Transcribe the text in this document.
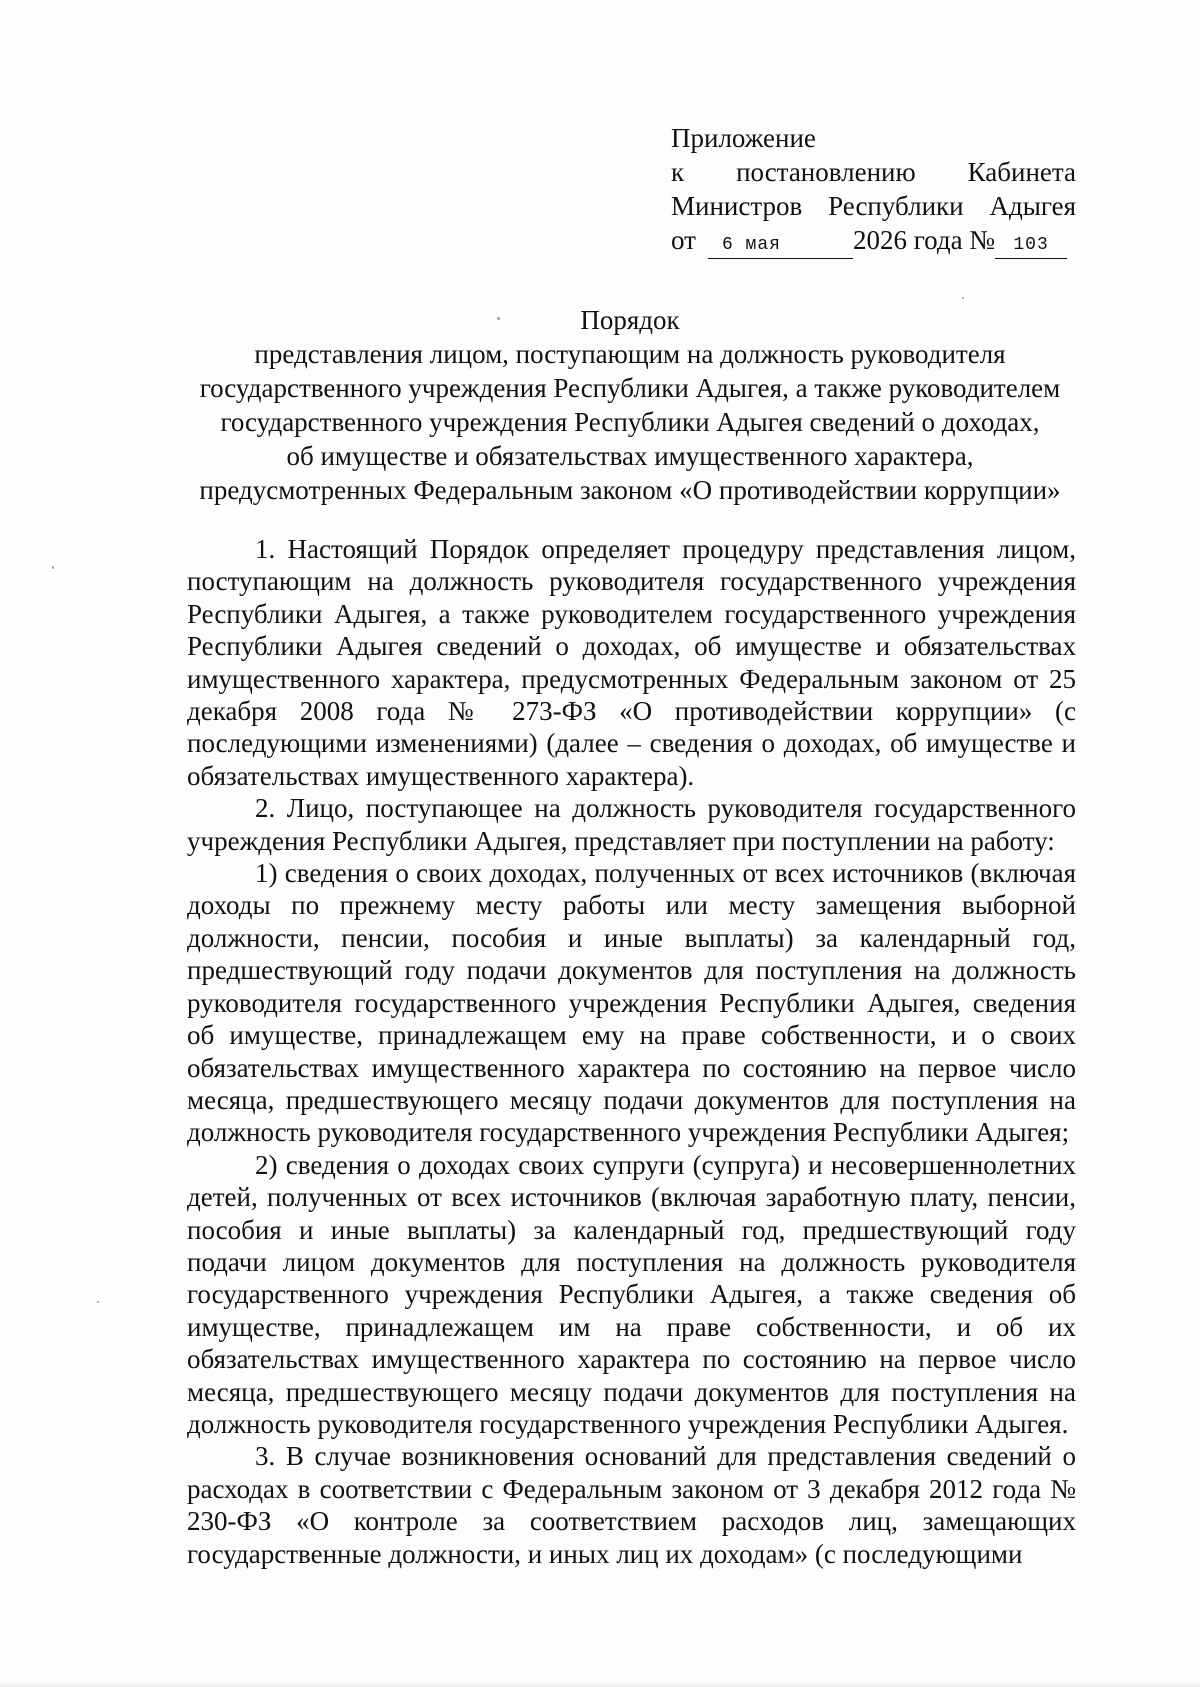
Приложение
к постановлению Кабинета
Министров Республики Адыгея
от	6 мая	2026 года №	103
Порядок
представления лицом, поступающим на должность руководителя
государственного учреждения Республики Адыгея, а также руководителем
государственного учреждения Республики Адыгея сведений о доходах,
об имуществе и обязательствах имущественного характера,
предусмотренных Федеральным законом «О противодействии коррупции»

1. Настоящий Порядок определяет процедуру представления лицом, поступающим на должность руководителя государственного учреждения Республики Адыгея, а также руководителем государственного учреждения Республики Адыгея сведений о доходах, об имуществе и обязательствах имущественного характера, предусмотренных Федеральным законом от 25 декабря 2008 года № 273-ФЗ «О противодействии коррупции» (с последующими изменениями) (далее – сведения о доходах, об имуществе и обязательствах имущественного характера).

2. Лицо, поступающее на должность руководителя государственного учреждения Республики Адыгея, представляет при поступлении на работу:

1) сведения о своих доходах, полученных от всех источников (включая доходы по прежнему месту работы или месту замещения выборной должности, пенсии, пособия и иные выплаты) за календарный год, предшествующий году подачи документов для поступления на должность руководителя государственного учреждения Республики Адыгея, сведения об имуществе, принадлежащем ему на праве собственности, и о своих обязательствах имущественного характера по состоянию на первое число месяца, предшествующего месяцу подачи документов для поступления на должность руководителя государственного учреждения Республики Адыгея;

2) сведения о доходах своих супруги (супруга) и несовершеннолетних детей, полученных от всех источников (включая заработную плату, пенсии, пособия и иные выплаты) за календарный год, предшествующий году подачи лицом документов для поступления на должность руководителя государственного учреждения Республики Адыгея, а также сведения об имуществе, принадлежащем им на праве собственности, и об их обязательствах имущественного характера по состоянию на первое число месяца, предшествующего месяцу подачи документов для поступления на должность руководителя государственного учреждения Республики Адыгея.

3. В случае возникновения оснований для представления сведений о расходах в соответствии с Федеральным законом от 3 декабря 2012 года № 230-ФЗ «О контроле за соответствием расходов лиц, замещающих государственные должности, и иных лиц их доходам» (с последующими
